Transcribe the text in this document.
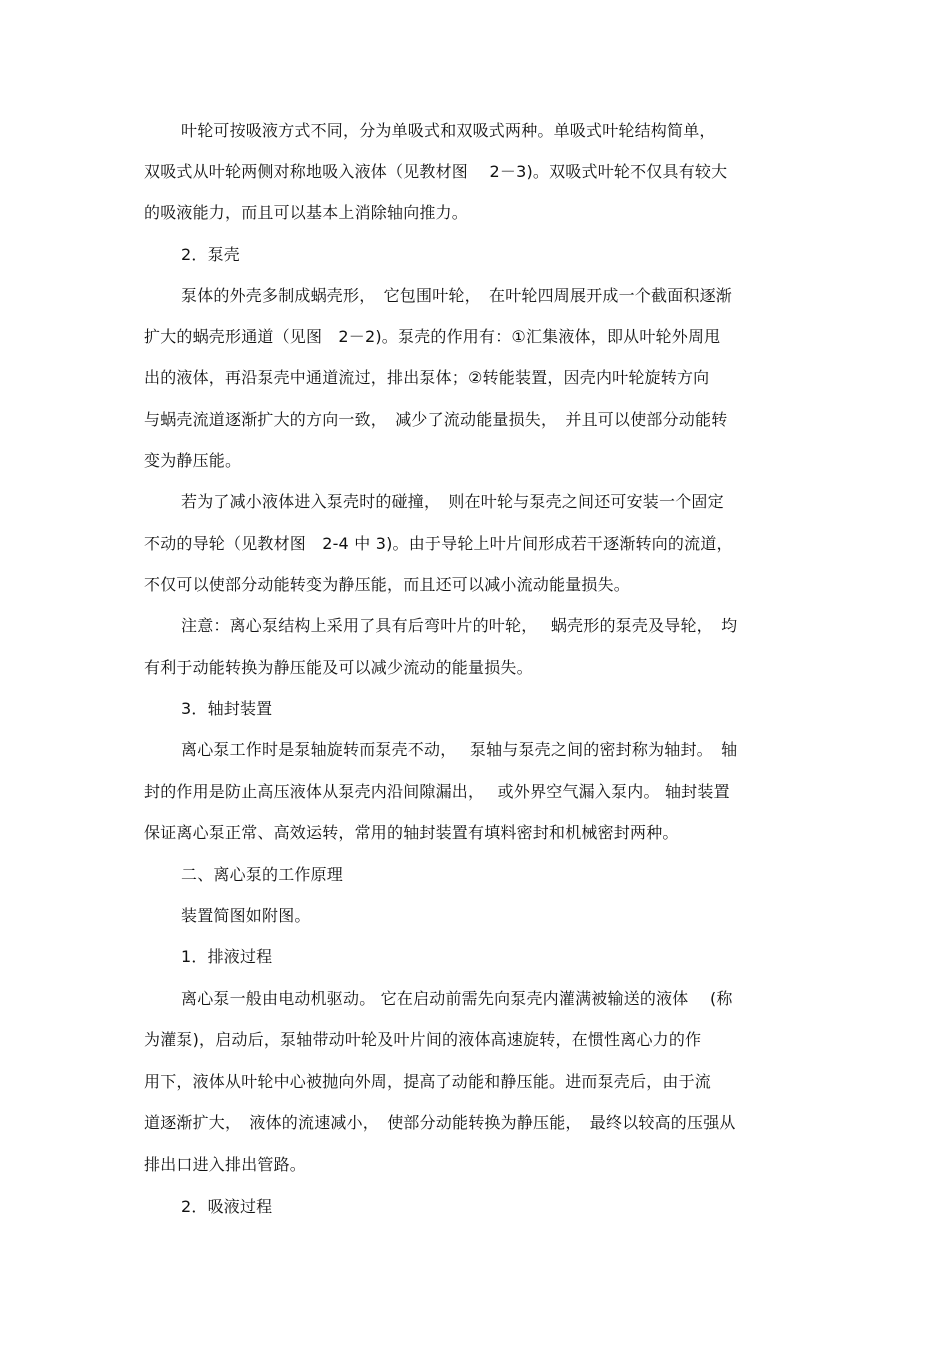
叶轮可按吸液方式不同，分为单吸式和双吸式两种。单吸式叶轮结构简单，
双吸式从叶轮两侧对称地吸入液体（见教材图　 2－3)。双吸式叶轮不仅具有较大
的吸液能力，而且可以基本上消除轴向推力。
2．泵壳
泵体的外壳多制成蜗壳形，　它包围叶轮，　在叶轮四周展开成一个截面积逐渐
扩大的蜗壳形通道（见图　2－2)。泵壳的作用有：①汇集液体，即从叶轮外周甩
出的液体，再沿泵壳中通道流过，排出泵体；②转能装置，因壳内叶轮旋转方向
与蜗壳流道逐渐扩大的方向一致，　减少了流动能量损失，　并且可以使部分动能转
变为静压能。
若为了减小液体进入泵壳时的碰撞，　则在叶轮与泵壳之间还可安装一个固定
不动的导轮（见教材图　2-4 中 3)。由于导轮上叶片间形成若干逐渐转向的流道，
不仅可以使部分动能转变为静压能，而且还可以减小流动能量损失。
注意：离心泵结构上采用了具有后弯叶片的叶轮，　 蜗壳形的泵壳及导轮，　均
有利于动能转换为静压能及可以减少流动的能量损失。
3．轴封装置
离心泵工作时是泵轴旋转而泵壳不动，　 泵轴与泵壳之间的密封称为轴封。　轴
封的作用是防止高压液体从泵壳内沿间隙漏出，　 或外界空气漏入泵内。 轴封装置
保证离心泵正常、高效运转，常用的轴封装置有填料密封和机械密封两种。
二、离心泵的工作原理
装置简图如附图。
1．排液过程
离心泵一般由电动机驱动。 它在启动前需先向泵壳内灌满被输送的液体　 (称
为灌泵)，启动后，泵轴带动叶轮及叶片间的液体高速旋转，在惯性离心力的作
用下，液体从叶轮中心被抛向外周，提高了动能和静压能。进而泵壳后，由于流
道逐渐扩大，　液体的流速减小，　使部分动能转换为静压能，　最终以较高的压强从
排出口进入排出管路。
2．吸液过程
